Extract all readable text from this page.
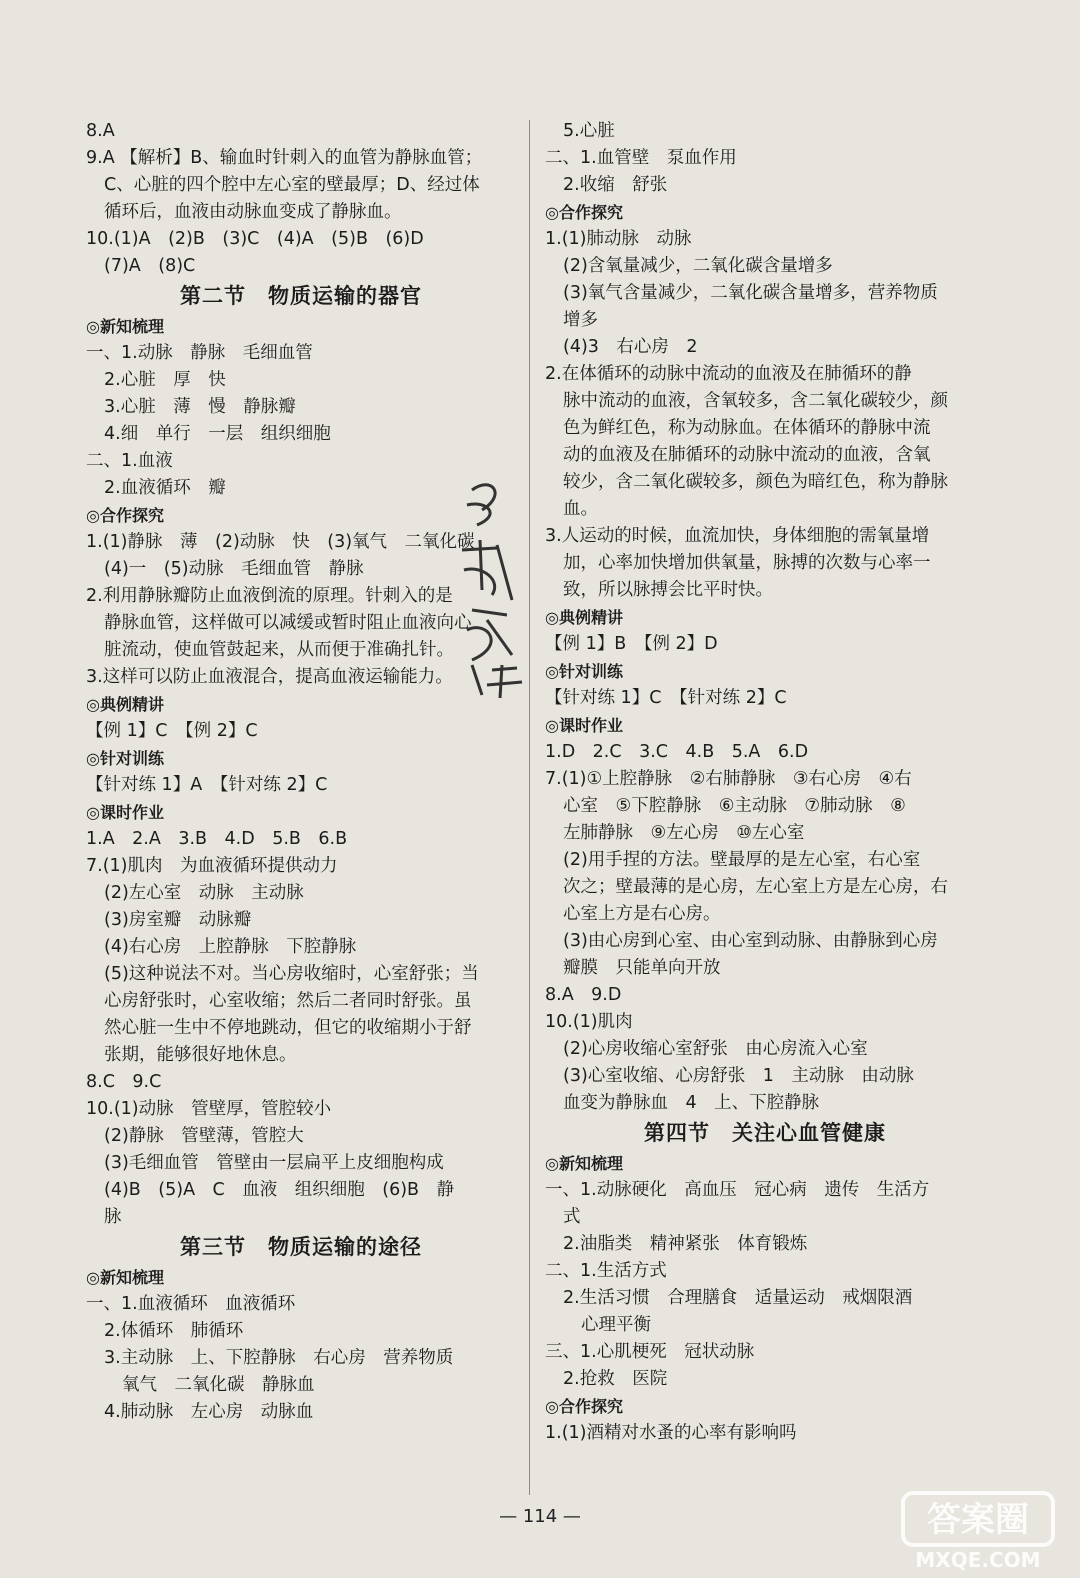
8.A
9.A 【解析】B、输血时针刺入的血管为静脉血管；
C、心脏的四个腔中左心室的壁最厚；D、经过体
循环后，血液由动脉血变成了静脉血。
10.(1)A　(2)B　(3)C　(4)A　(5)B　(6)D
(7)A　(8)C
第二节　物质运输的器官
◎新知梳理
一、1.动脉　静脉　毛细血管
2.心脏　厚　快
3.心脏　薄　慢　静脉瓣
4.细　单行　一层　组织细胞
二、1.血液
2.血液循环　瓣
◎合作探究
1.(1)静脉　薄　(2)动脉　快　(3)氧气　二氧化碳
(4)一　(5)动脉　毛细血管　静脉
2.利用静脉瓣防止血液倒流的原理。针刺入的是
静脉血管，这样做可以减缓或暂时阻止血液向心
脏流动，使血管鼓起来，从而便于准确扎针。
3.这样可以防止血液混合，提高血液运输能力。
◎典例精讲
【例 1】C　【例 2】C
◎针对训练
【针对练 1】A　【针对练 2】C
◎课时作业
1.A　2.A　3.B　4.D　5.B　6.B
7.(1)肌肉　为血液循环提供动力
(2)左心室　动脉　主动脉
(3)房室瓣　动脉瓣
(4)右心房　上腔静脉　下腔静脉
(5)这种说法不对。当心房收缩时，心室舒张；当
心房舒张时，心室收缩；然后二者同时舒张。虽
然心脏一生中不停地跳动，但它的收缩期小于舒
张期，能够很好地休息。
8.C　9.C
10.(1)动脉　管壁厚，管腔较小
(2)静脉　管壁薄，管腔大
(3)毛细血管　管壁由一层扁平上皮细胞构成
(4)B　(5)A　C　血液　组织细胞　(6)B　静
脉
第三节　物质运输的途径
◎新知梳理
一、1.血液循环　血液循环
2.体循环　肺循环
3.主动脉　上、下腔静脉　右心房　营养物质
氧气　二氧化碳　静脉血
4.肺动脉　左心房　动脉血
5.心脏
二、1.血管壁　泵血作用
2.收缩　舒张
◎合作探究
1.(1)肺动脉　动脉
(2)含氧量减少，二氧化碳含量增多
(3)氧气含量减少，二氧化碳含量增多，营养物质
增多
(4)3　右心房　2
2.在体循环的动脉中流动的血液及在肺循环的静
脉中流动的血液，含氧较多，含二氧化碳较少，颜
色为鲜红色，称为动脉血。在体循环的静脉中流
动的血液及在肺循环的动脉中流动的血液，含氧
较少，含二氧化碳较多，颜色为暗红色，称为静脉
血。
3.人运动的时候，血流加快，身体细胞的需氧量增
加，心率加快增加供氧量，脉搏的次数与心率一
致，所以脉搏会比平时快。
◎典例精讲
【例 1】B　【例 2】D
◎针对训练
【针对练 1】C　【针对练 2】C
◎课时作业
1.D　2.C　3.C　4.B　5.A　6.D
7.(1)①上腔静脉　②右肺静脉　③右心房　④右
心室　⑤下腔静脉　⑥主动脉　⑦肺动脉　⑧
左肺静脉　⑨左心房　⑩左心室
(2)用手捏的方法。壁最厚的是左心室，右心室
次之；壁最薄的是心房，左心室上方是左心房，右
心室上方是右心房。
(3)由心房到心室、由心室到动脉、由静脉到心房
瓣膜　只能单向开放
8.A　9.D
10.(1)肌肉
(2)心房收缩心室舒张　由心房流入心室
(3)心室收缩、心房舒张　1　主动脉　由动脉
血变为静脉血　4　上、下腔静脉
第四节　关注心血管健康
◎新知梳理
一、1.动脉硬化　高血压　冠心病　遗传　生活方
式
2.油脂类　精神紧张　体育锻炼
二、1.生活方式
2.生活习惯　合理膳食　适量运动　戒烟限酒
心理平衡
三、1.心肌梗死　冠状动脉
2.抢救　医院
◎合作探究
1.(1)酒精对水蚤的心率有影响吗
— 114 —	答案圈
MXQE.COM
